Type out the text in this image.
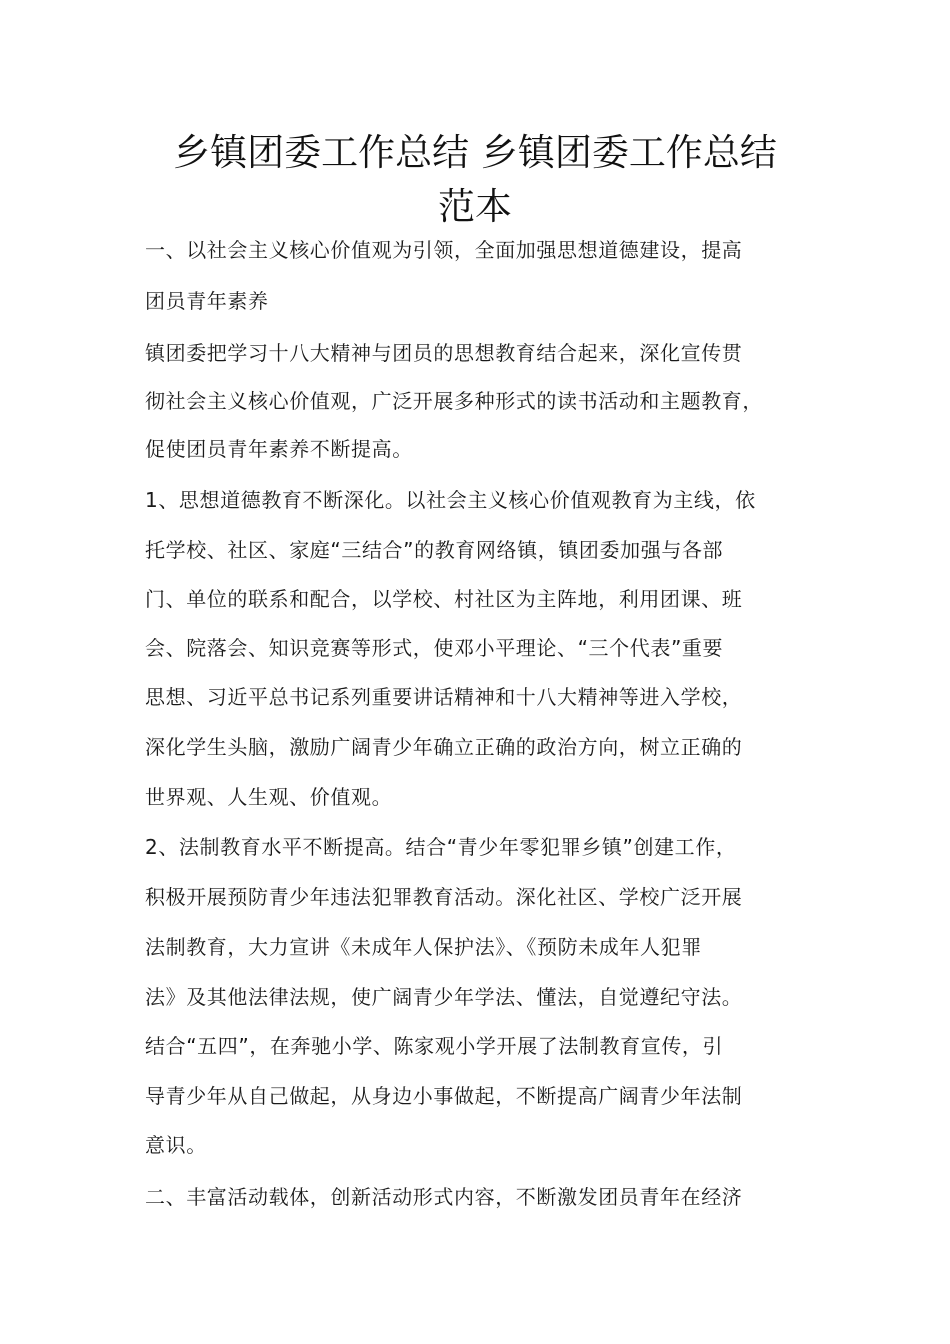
乡镇团委工作总结 乡镇团委工作总结
范本
一、以社会主义核心价值观为引领，全面加强思想道德建设，提高
团员青年素养
镇团委把学习十八大精神与团员的思想教育结合起来，深化宣传贯
彻社会主义核心价值观，广泛开展多种形式的读书活动和主题教育，
促使团员青年素养不断提高。
1、思想道德教育不断深化。以社会主义核心价值观教育为主线，依
托学校、社区、家庭“三结合”的教育网络镇，镇团委加强与各部
门、单位的联系和配合，以学校、村社区为主阵地，利用团课、班
会、院落会、知识竞赛等形式，使邓小平理论、“三个代表”重要
思想、习近平总书记系列重要讲话精神和十八大精神等进入学校，
深化学生头脑，激励广阔青少年确立正确的政治方向，树立正确的
世界观、人生观、价值观。
2、法制教育水平不断提高。结合“青少年零犯罪乡镇”创建工作，
积极开展预防青少年违法犯罪教育活动。深化社区、学校广泛开展
法制教育，大力宣讲《未成年人保护法》、《预防未成年人犯罪
法》及其他法律法规，使广阔青少年学法、懂法，自觉遵纪守法。
结合“五四”，在奔驰小学、陈家观小学开展了法制教育宣传，引
导青少年从自己做起，从身边小事做起，不断提高广阔青少年法制
意识。
二、丰富活动载体，创新活动形式内容，不断激发团员青年在经济
